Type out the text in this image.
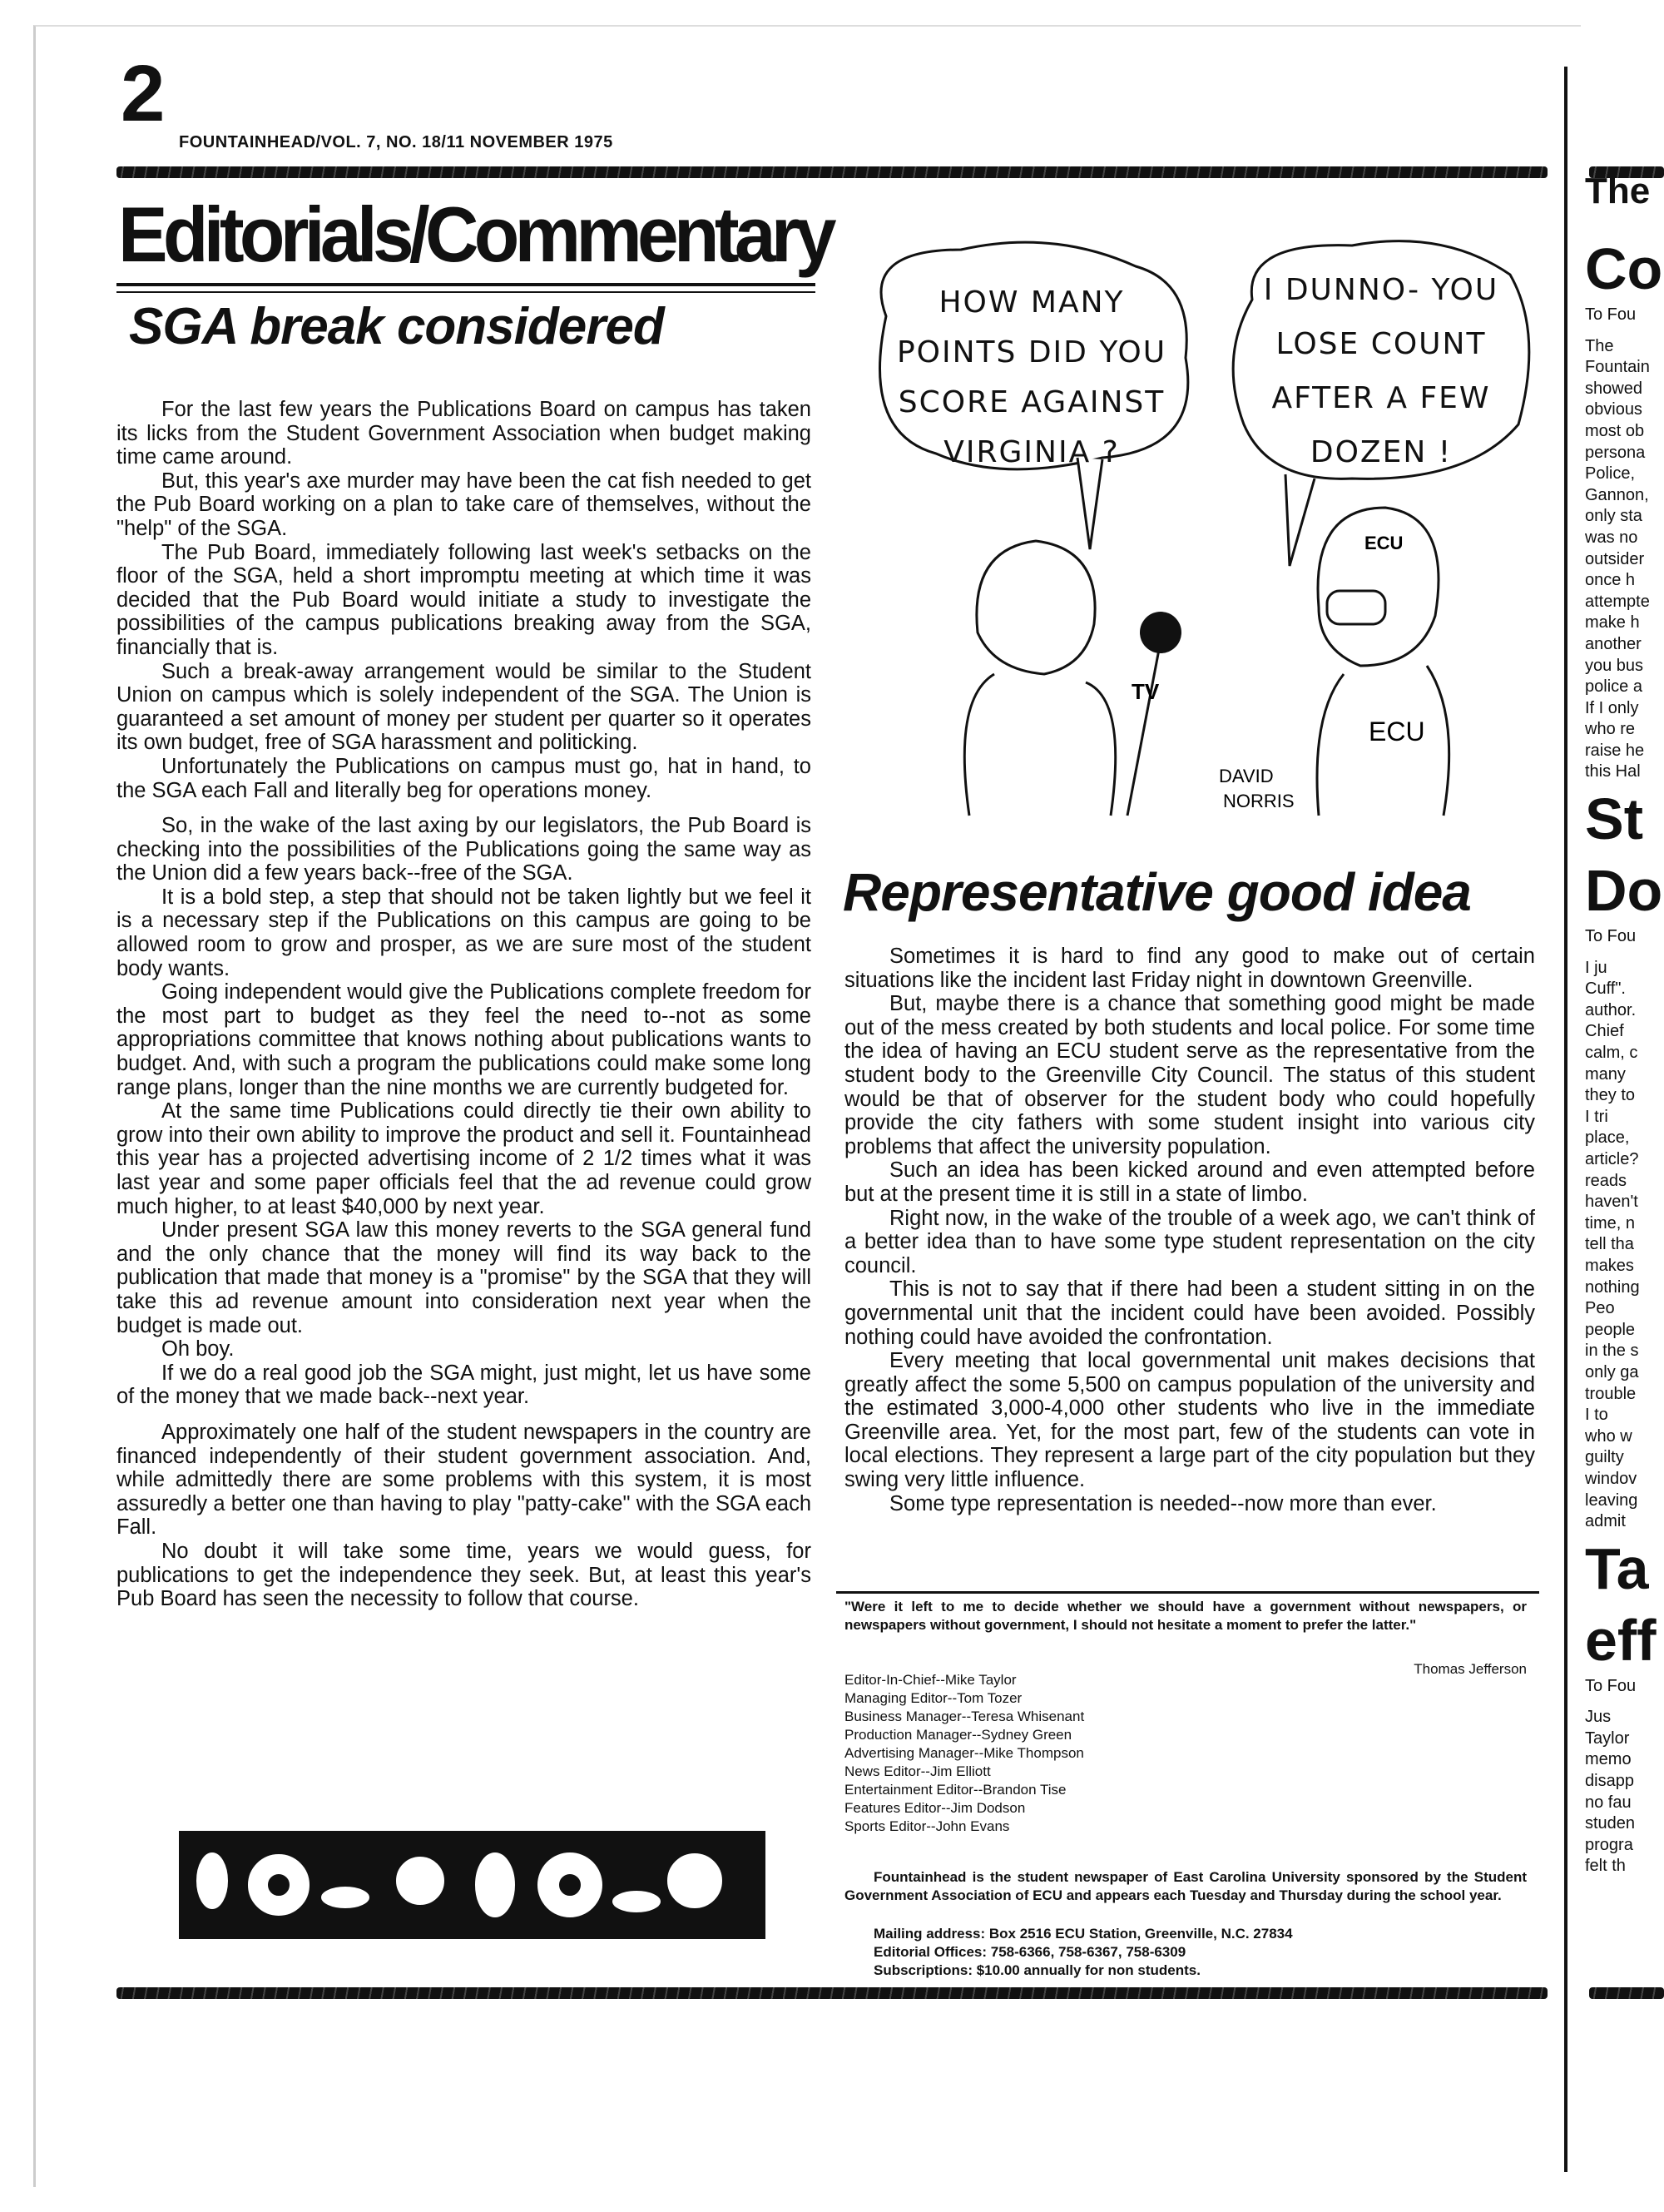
2
FOUNTAINHEAD/VOL. 7, NO. 18/11 NOVEMBER 1975
Editorials/Commentary
SGA break considered

For the last few years the Publications Board on campus has taken its licks from the Student Government Association when budget making time came around.

But, this year's axe murder may have been the cat fish needed to get the Pub Board working on a plan to take care of themselves, without the "help" of the SGA.

The Pub Board, immediately following last week's setbacks on the floor of the SGA, held a short impromptu meeting at which time it was decided that the Pub Board would initiate a study to investigate the possibilities of the campus publications breaking away from the SGA, financially that is.

Such a break-away arrangement would be similar to the Student Union on campus which is solely independent of the SGA. The Union is guaranteed a set amount of money per student per quarter so it operates its own budget, free of SGA harassment and politicking.

Unfortunately the Publications on campus must go, hat in hand, to the SGA each Fall and literally beg for operations money.

So, in the wake of the last axing by our legislators, the Pub Board is checking into the possibilities of the Publications going the same way as the Union did a few years back--free of the SGA.

It is a bold step, a step that should not be taken lightly but we feel it is a necessary step if the Publications on this campus are going to be allowed room to grow and prosper, as we are sure most of the student body wants.

Going independent would give the Publications complete freedom for the most part to budget as they feel the need to--not as some appropriations committee that knows nothing about publications wants to budget. And, with such a program the publications could make some long range plans, longer than the nine months we are currently budgeted for.

At the same time Publications could directly tie their own ability to grow into their own ability to improve the product and sell it. Fountainhead this year has a projected advertising income of 2 1/2 times what it was last year and some paper officials feel that the ad revenue could grow much higher, to at least $40,000 by next year.

Under present SGA law this money reverts to the SGA general fund and the only chance that the money will find its way back to the publication that made that money is a "promise" by the SGA that they will take this ad revenue amount into consideration next year when the budget is made out.

Oh boy.

If we do a real good job the SGA might, just might, let us have some of the money that we made back--next year.

Approximately one half of the student newspapers in the country are financed independently of their student government association. And, while admittedly there are some problems with this system, it is most assuredly a better one than having to play "patty-cake" with the SGA each Fall.

No doubt it will take some time, years we would guess, for publications to get the independence they seek. But, at least this year's Pub Board has seen the necessity to follow that course.

HOW MANY
POINTS DID YOU
SCORE AGAINST
VIRGINIA ?
I DUNNO- YOU
LOSE COUNT
AFTER A FEW
DOZEN !
TV
ECU
ECU
DAVID
NORRIS
Representative good idea

Sometimes it is hard to find any good to make out of certain situations like the incident last Friday night in downtown Greenville.

But, maybe there is a chance that something good might be made out of the mess created by both students and local police. For some time the idea of having an ECU student serve as the representative from the student body to the Greenville City Council. The status of this student would be that of observer for the student body who could hopefully provide the city fathers with some student insight into various city problems that affect the university population.

Such an idea has been kicked around and even attempted before but at the present time it is still in a state of limbo.

Right now, in the wake of the trouble of a week ago, we can't think of a better idea than to have some type student representation on the city council.

This is not to say that if there had been a student sitting in on the governmental unit that the incident could have been avoided. Possibly nothing could have avoided the confrontation.

Every meeting that local governmental unit makes decisions that greatly affect the some 5,500 on campus population of the university and the estimated 3,000-4,000 other students who live in the immediate Greenville area. Yet, for the most part, few of the students can vote in local elections. They represent a large part of the city population but they swing very little influence.

Some type representation is needed--now more than ever.

"Were it left to me to decide whether we should have a government without newspapers, or newspapers without government, I should not hesitate a moment to prefer the latter."
Thomas Jefferson
Editor-In-Chief--Mike Taylor
Managing Editor--Tom Tozer
Business Manager--Teresa Whisenant
Production Manager--Sydney Green
Advertising Manager--Mike Thompson
News Editor--Jim Elliott
Entertainment Editor--Brandon Tise
Features Editor--Jim Dodson
Sports Editor--John Evans
Fountainhead is the student newspaper of East Carolina University sponsored by the Student Government Association of ECU and appears each Tuesday and Thursday during the school year.
Mailing address: Box 2516 ECU Station, Greenville, N.C. 27834
Editorial Offices: 758-6366, 758-6367, 758-6309
Subscriptions: $10.00 annually for non students.
The
Co
To Fou
The
Fountain
showed
obvious
most ob
persona
Police,
Gannon,
only sta
was no
outsider
once h
attempte
make h
another
you bus
police a
If I only
who re
raise he
this Hal
St
Do
To Fou
I ju
Cuff".
author.
Chief
calm, c
many
they to
I tri
place,
article?
reads
haven't
time, n
tell tha
makes
nothing
Peo
people
in the s
only ga
trouble
I to
who w
guilty
windov
leaving
admit
Ta
eff
To Fou
Jus
Taylor
memo
disapp
no fau
studen
progra
felt th
